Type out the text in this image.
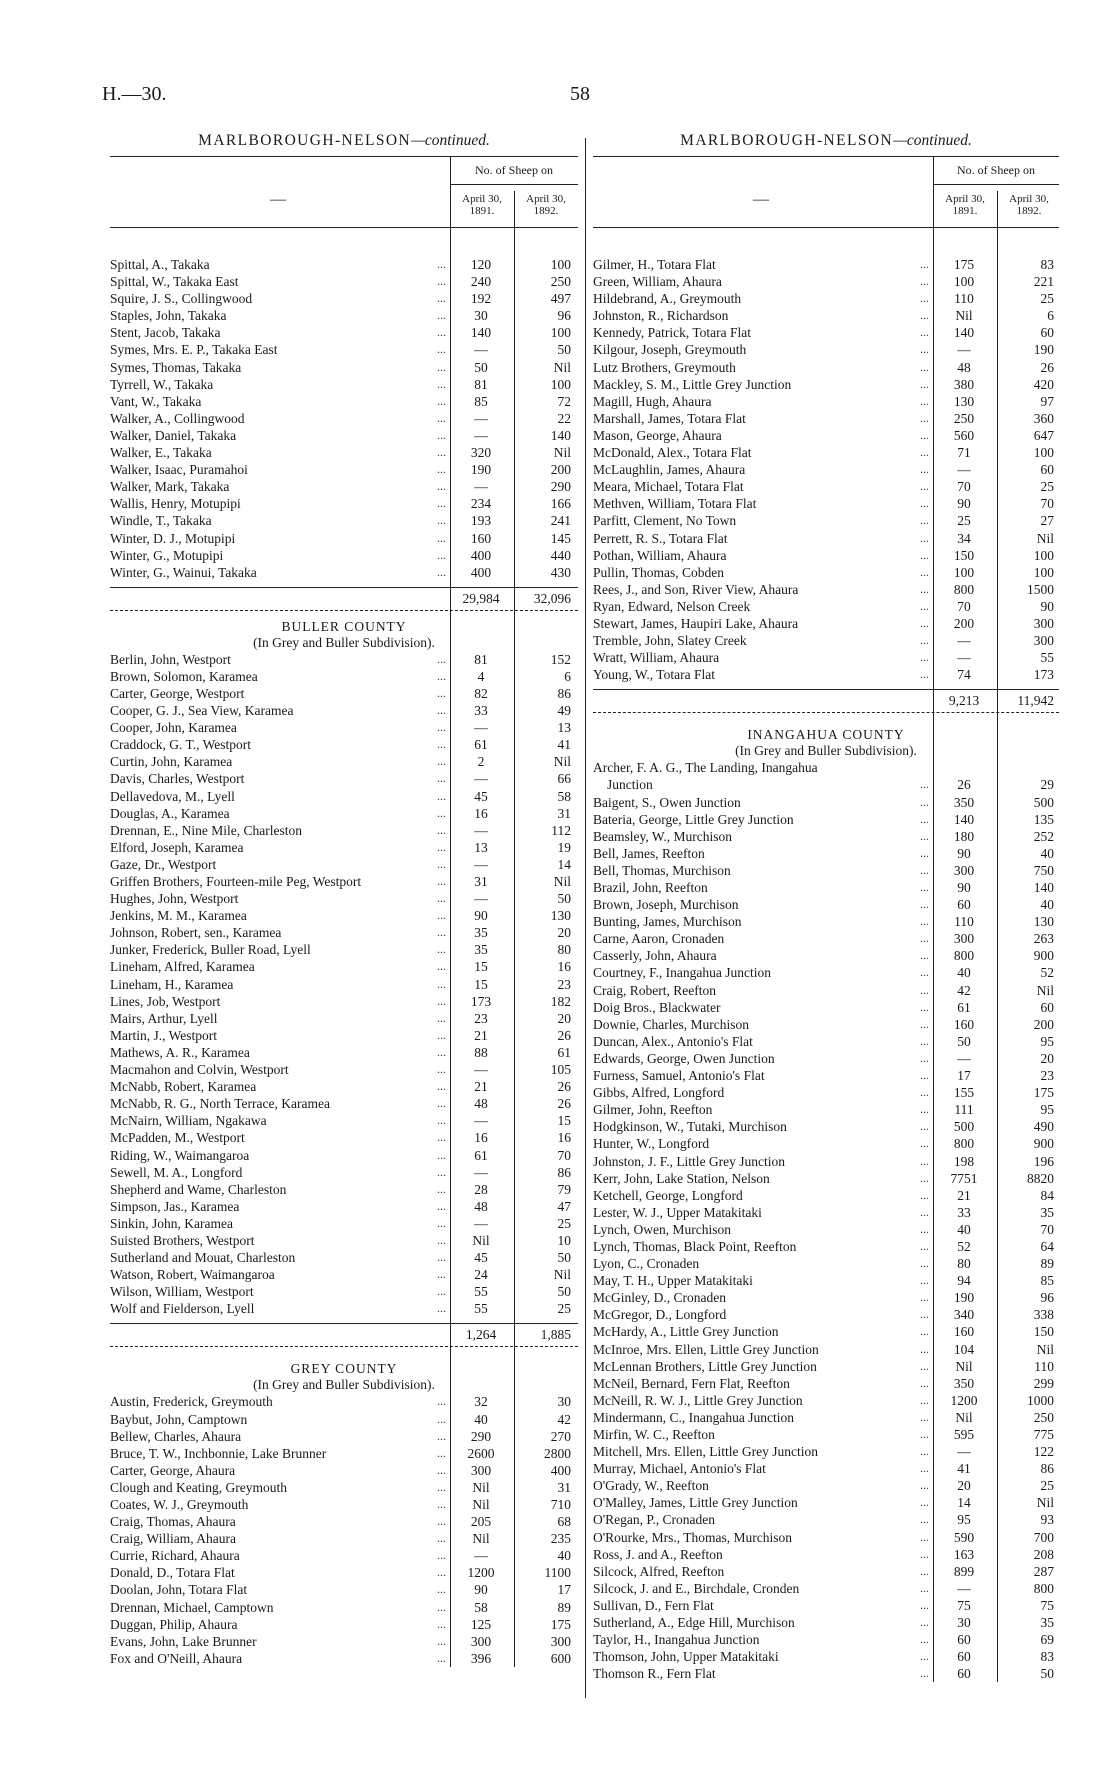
H.—30.	58
MARLBOROUGH-NELSON—continued.
—
No. of Sheep on
April 30,
1891.
April 30,
1892.
Spittal, A., Takaka	...	120	100
Spittal, W., Takaka East	...	240	250
Squire, J. S., Collingwood	...	192	497
Staples, John, Takaka	...	30	96
Stent, Jacob, Takaka	...	140	100
Symes, Mrs. E. P., Takaka East	...	—	50
Symes, Thomas, Takaka	...	50	Nil
Tyrrell, W., Takaka	...	81	100
Vant, W., Takaka	...	85	72
Walker, A., Collingwood	...	—	22
Walker, Daniel, Takaka	...	—	140
Walker, E., Takaka	...	320	Nil
Walker, Isaac, Puramahoi	...	190	200
Walker, Mark, Takaka	...	—	290
Wallis, Henry, Motupipi	...	234	166
Windle, T., Takaka	...	193	241
Winter, D. J., Motupipi	...	160	145
Winter, G., Motupipi	...	400	440
Winter, G., Wainui, Takaka	...	400	430
29,984	32,096
BULLER COUNTY
(In Grey and Buller Subdivision).
Berlin, John, Westport	...	81	152
Brown, Solomon, Karamea	...	4	6
Carter, George, Westport	...	82	86
Cooper, G. J., Sea View, Karamea	...	33	49
Cooper, John, Karamea	...	—	13
Craddock, G. T., Westport	...	61	41
Curtin, John, Karamea	...	2	Nil
Davis, Charles, Westport	...	—	66
Dellavedova, M., Lyell	...	45	58
Douglas, A., Karamea	...	16	31
Drennan, E., Nine Mile, Charleston	...	—	112
Elford, Joseph, Karamea	...	13	19
Gaze, Dr., Westport	...	—	14
Griffen Brothers, Fourteen-mile Peg, Westport	...	31	Nil
Hughes, John, Westport	...	—	50
Jenkins, M. M., Karamea	...	90	130
Johnson, Robert, sen., Karamea	...	35	20
Junker, Frederick, Buller Road, Lyell	...	35	80
Lineham, Alfred, Karamea	...	15	16
Lineham, H., Karamea	...	15	23
Lines, Job, Westport	...	173	182
Mairs, Arthur, Lyell	...	23	20
Martin, J., Westport	...	21	26
Mathews, A. R., Karamea	...	88	61
Macmahon and Colvin, Westport	...	—	105
McNabb, Robert, Karamea	...	21	26
McNabb, R. G., North Terrace, Karamea	...	48	26
McNairn, William, Ngakawa	...	—	15
McPadden, M., Westport	...	16	16
Riding, W., Waimangaroa	...	61	70
Sewell, M. A., Longford	...	—	86
Shepherd and Wame, Charleston	...	28	79
Simpson, Jas., Karamea	...	48	47
Sinkin, John, Karamea	...	—	25
Suisted Brothers, Westport	...	Nil	10
Sutherland and Mouat, Charleston	...	45	50
Watson, Robert, Waimangaroa	...	24	Nil
Wilson, William, Westport	...	55	50
Wolf and Fielderson, Lyell	...	55	25
1,264	1,885
GREY COUNTY
(In Grey and Buller Subdivision).
Austin, Frederick, Greymouth	...	32	30
Baybut, John, Camptown	...	40	42
Bellew, Charles, Ahaura	...	290	270
Bruce, T. W., Inchbonnie, Lake Brunner	...	2600	2800
Carter, George, Ahaura	...	300	400
Clough and Keating, Greymouth	...	Nil	31
Coates, W. J., Greymouth	...	Nil	710
Craig, Thomas, Ahaura	...	205	68
Craig, William, Ahaura	...	Nil	235
Currie, Richard, Ahaura	...	—	40
Donald, D., Totara Flat	...	1200	1100
Doolan, John, Totara Flat	...	90	17
Drennan, Michael, Camptown	...	58	89
Duggan, Philip, Ahaura	...	125	175
Evans, John, Lake Brunner	...	300	300
Fox and O'Neill, Ahaura	...	396	600
MARLBOROUGH-NELSON—continued.
—
No. of Sheep on
April 30,
1891.
April 30,
1892.
Gilmer, H., Totara Flat	...	175	83
Green, William, Ahaura	...	100	221
Hildebrand, A., Greymouth	...	110	25
Johnston, R., Richardson	...	Nil	6
Kennedy, Patrick, Totara Flat	...	140	60
Kilgour, Joseph, Greymouth	...	—	190
Lutz Brothers, Greymouth	...	48	26
Mackley, S. M., Little Grey Junction	...	380	420
Magill, Hugh, Ahaura	...	130	97
Marshall, James, Totara Flat	...	250	360
Mason, George, Ahaura	...	560	647
McDonald, Alex., Totara Flat	...	71	100
McLaughlin, James, Ahaura	...	—	60
Meara, Michael, Totara Flat	...	70	25
Methven, William, Totara Flat	...	90	70
Parfitt, Clement, No Town	...	25	27
Perrett, R. S., Totara Flat	...	34	Nil
Pothan, William, Ahaura	...	150	100
Pullin, Thomas, Cobden	...	100	100
Rees, J., and Son, River View, Ahaura	...	800	1500
Ryan, Edward, Nelson Creek	...	70	90
Stewart, James, Haupiri Lake, Ahaura	...	200	300
Tremble, John, Slatey Creek	...	—	300
Wratt, William, Ahaura	...	—	55
Young, W., Totara Flat	...	74	173
9,213	11,942
INANGAHUA COUNTY
(In Grey and Buller Subdivision).
Archer, F. A. G., The Landing, Inangahua
Junction	...	26	29
Baigent, S., Owen Junction	...	350	500
Bateria, George, Little Grey Junction	...	140	135
Beamsley, W., Murchison	...	180	252
Bell, James, Reefton	...	90	40
Bell, Thomas, Murchison	...	300	750
Brazil, John, Reefton	...	90	140
Brown, Joseph, Murchison	...	60	40
Bunting, James, Murchison	...	110	130
Carne, Aaron, Cronaden	...	300	263
Casserly, John, Ahaura	...	800	900
Courtney, F., Inangahua Junction	...	40	52
Craig, Robert, Reefton	...	42	Nil
Doig Bros., Blackwater	...	61	60
Downie, Charles, Murchison	...	160	200
Duncan, Alex., Antonio's Flat	...	50	95
Edwards, George, Owen Junction	...	—	20
Furness, Samuel, Antonio's Flat	...	17	23
Gibbs, Alfred, Longford	...	155	175
Gilmer, John, Reefton	...	111	95
Hodgkinson, W., Tutaki, Murchison	...	500	490
Hunter, W., Longford	...	800	900
Johnston, J. F., Little Grey Junction	...	198	196
Kerr, John, Lake Station, Nelson	...	7751	8820
Ketchell, George, Longford	...	21	84
Lester, W. J., Upper Matakitaki	...	33	35
Lynch, Owen, Murchison	...	40	70
Lynch, Thomas, Black Point, Reefton	...	52	64
Lyon, C., Cronaden	...	80	89
May, T. H., Upper Matakitaki	...	94	85
McGinley, D., Cronaden	...	190	96
McGregor, D., Longford	...	340	338
McHardy, A., Little Grey Junction	...	160	150
McInroe, Mrs. Ellen, Little Grey Junction	...	104	Nil
McLennan Brothers, Little Grey Junction	...	Nil	110
McNeil, Bernard, Fern Flat, Reefton	...	350	299
McNeill, R. W. J., Little Grey Junction	...	1200	1000
Mindermann, C., Inangahua Junction	...	Nil	250
Mirfin, W. C., Reefton	...	595	775
Mitchell, Mrs. Ellen, Little Grey Junction	...	—	122
Murray, Michael, Antonio's Flat	...	41	86
O'Grady, W., Reefton	...	20	25
O'Malley, James, Little Grey Junction	...	14	Nil
O'Regan, P., Cronaden	...	95	93
O'Rourke, Mrs., Thomas, Murchison	...	590	700
Ross, J. and A., Reefton	...	163	208
Silcock, Alfred, Reefton	...	899	287
Silcock, J. and E., Birchdale, Cronden	...	—	800
Sullivan, D., Fern Flat	...	75	75
Sutherland, A., Edge Hill, Murchison	...	30	35
Taylor, H., Inangahua Junction	...	60	69
Thomson, John, Upper Matakitaki	...	60	83
Thomson R., Fern Flat	...	60	50
